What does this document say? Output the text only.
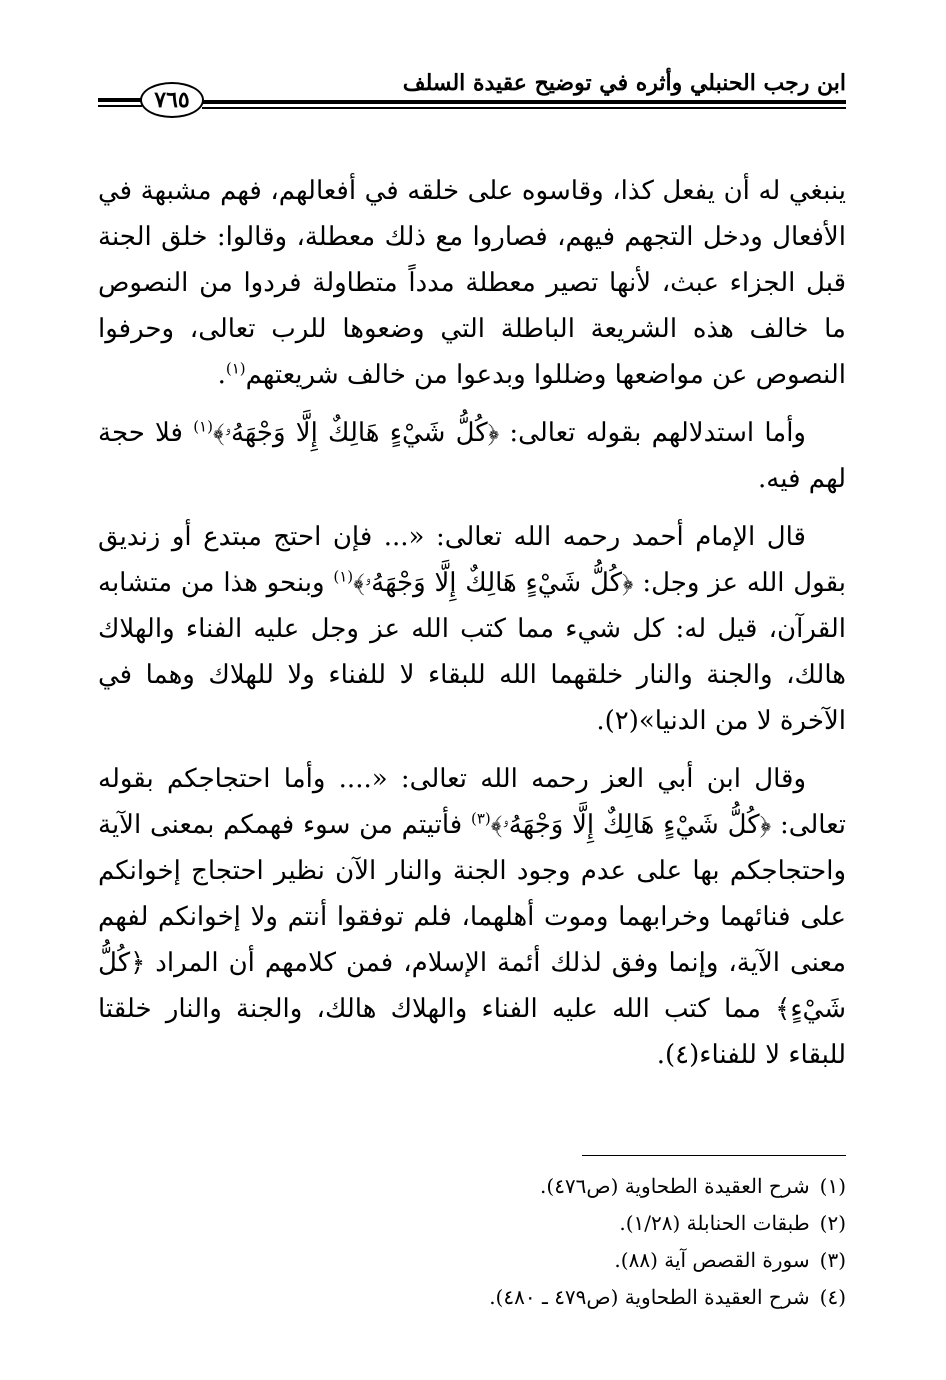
ابن رجب الحنبلي وأثره في توضيح عقيدة السلف
٧٦٥

ينبغي له أن يفعل كذا، وقاسوه على خلقه في أفعالهم، فهم مشبهة في الأفعال ودخل التجهم فيهم، فصاروا مع ذلك معطلة، وقالوا: خلق الجنة قبل الجزاء عبث، لأنها تصير معطلة مدداً متطاولة فردوا من النصوص ما خالف هذه الشريعة الباطلة التي وضعوها للرب تعالى، وحرفوا النصوص عن مواضعها وضللوا وبدعوا من خالف شريعتهم$^{(١)}$.

وأما استدلالهم بقوله تعالى: ﴿كُلُّ شَيْءٍ هَالِكٌ إِلَّا وَجْهَهُۥ﴾$^{(١)}$ فلا حجة لهم فيه.

قال الإمام أحمد رحمه الله تعالى: «... فإن احتج مبتدع أو زنديق بقول الله عز وجل: ﴿كُلُّ شَيْءٍ هَالِكٌ إِلَّا وَجْهَهُۥ﴾$^{(١)}$ وبنحو هذا من متشابه القرآن، قيل له: كل شيء مما كتب الله عز وجل عليه الفناء والهلاك هالك، والجنة والنار خلقهما الله للبقاء لا للفناء ولا للهلاك وهما في الآخرة لا من الدنيا»(٢).

وقال ابن أبي العز رحمه الله تعالى: «.... وأما احتجاجكم بقوله تعالى: ﴿كُلُّ شَيْءٍ هَالِكٌ إِلَّا وَجْهَهُۥ﴾$^{(٣)}$ فأتيتم من سوء فهمكم بمعنى الآية واحتجاجكم بها على عدم وجود الجنة والنار الآن نظير احتجاج إخوانكم على فنائهما وخرابهما وموت أهلهما، فلم توفقوا أنتم ولا إخوانكم لفهم معنى الآية، وإنما وفق لذلك أئمة الإسلام، فمن كلامهم أن المراد ﴿كُلُّ شَيْءٍ﴾ مما كتب الله عليه الفناء والهلاك هالك، والجنة والنار خلقتا للبقاء لا للفناء(٤).

(١)شرح العقيدة الطحاوية (ص٤٧٦).
(٢)طبقات الحنابلة (١/٢٨).
(٣)سورة القصص آية (٨٨).
(٤)شرح العقيدة الطحاوية (ص٤٧٩ ـ ٤٨٠).
